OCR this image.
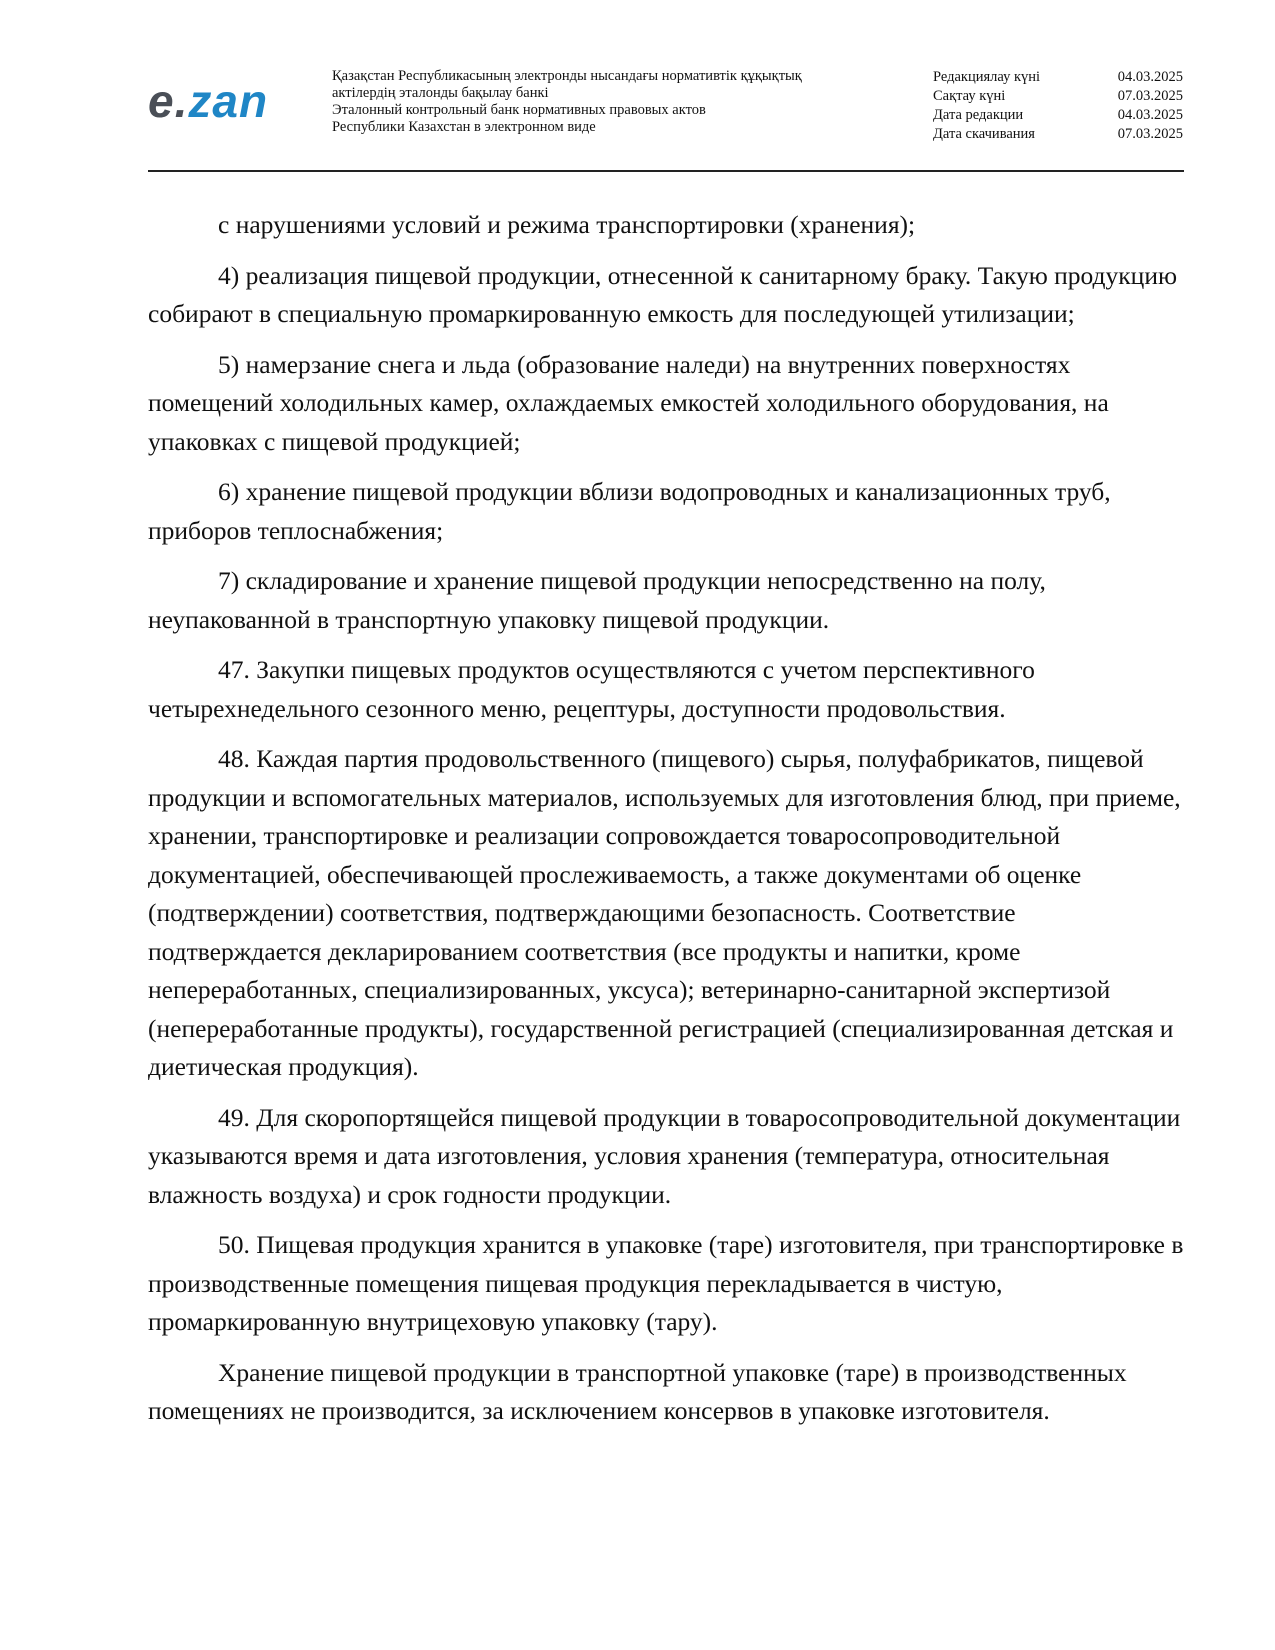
e.zan	Қазақстан Республикасының электронды нысандағы нормативтік құқықтық
актілердің эталонды бақылау банкі
Эталонный контрольный банк нормативных правовых актов
Республики Казахстан в электронном виде
Редакциялау күні	04.03.2025
Сақтау күні	07.03.2025
Дата редакции	04.03.2025
Дата скачивания	07.03.2025

с нарушениями условий и режима транспортировки (хранения);

4) реализация пищевой продукции, отнесенной к санитарному браку. Такую продукцию собирают в специальную промаркированную емкость для последующей утилизации;

5) намерзание снега и льда (образование наледи) на внутренних поверхностях помещений холодильных камер, охлаждаемых емкостей холодильного оборудования, на упаковках с пищевой продукцией;

6) хранение пищевой продукции вблизи водопроводных и канализационных труб, приборов теплоснабжения;

7) складирование и хранение пищевой продукции непосредственно на полу, неупакованной в транспортную упаковку пищевой продукции.

47. Закупки пищевых продуктов осуществляются с учетом перспективного четырехнедельного сезонного меню, рецептуры, доступности продовольствия.

48. Каждая партия продовольственного (пищевого) сырья, полуфабрикатов, пищевой продукции и вспомогательных материалов, используемых для изготовления блюд, при приеме, хранении, транспортировке и реализации сопровождается товаросопроводительной документацией, обеспечивающей прослеживаемость, а также документами об оценке (подтверждении) соответствия, подтверждающими безопасность. Соответствие подтверждается декларированием соответствия (все продукты и напитки, кроме непереработанных, специализированных, уксуса); ветеринарно-санитарной экспертизой (непереработанные продукты), государственной регистрацией (специализированная детская и диетическая продукция).

49. Для скоропортящейся пищевой продукции в товаросопроводительной документации указываются время и дата изготовления, условия хранения (температура, относительная влажность воздуха) и срок годности продукции.

50. Пищевая продукция хранится в упаковке (таре) изготовителя, при транспортировке в производственные помещения пищевая продукция перекладывается в чистую, промаркированную внутрицеховую упаковку (тару).

Хранение пищевой продукции в транспортной упаковке (таре) в производственных помещениях не производится, за исключением консервов в упаковке изготовителя.
